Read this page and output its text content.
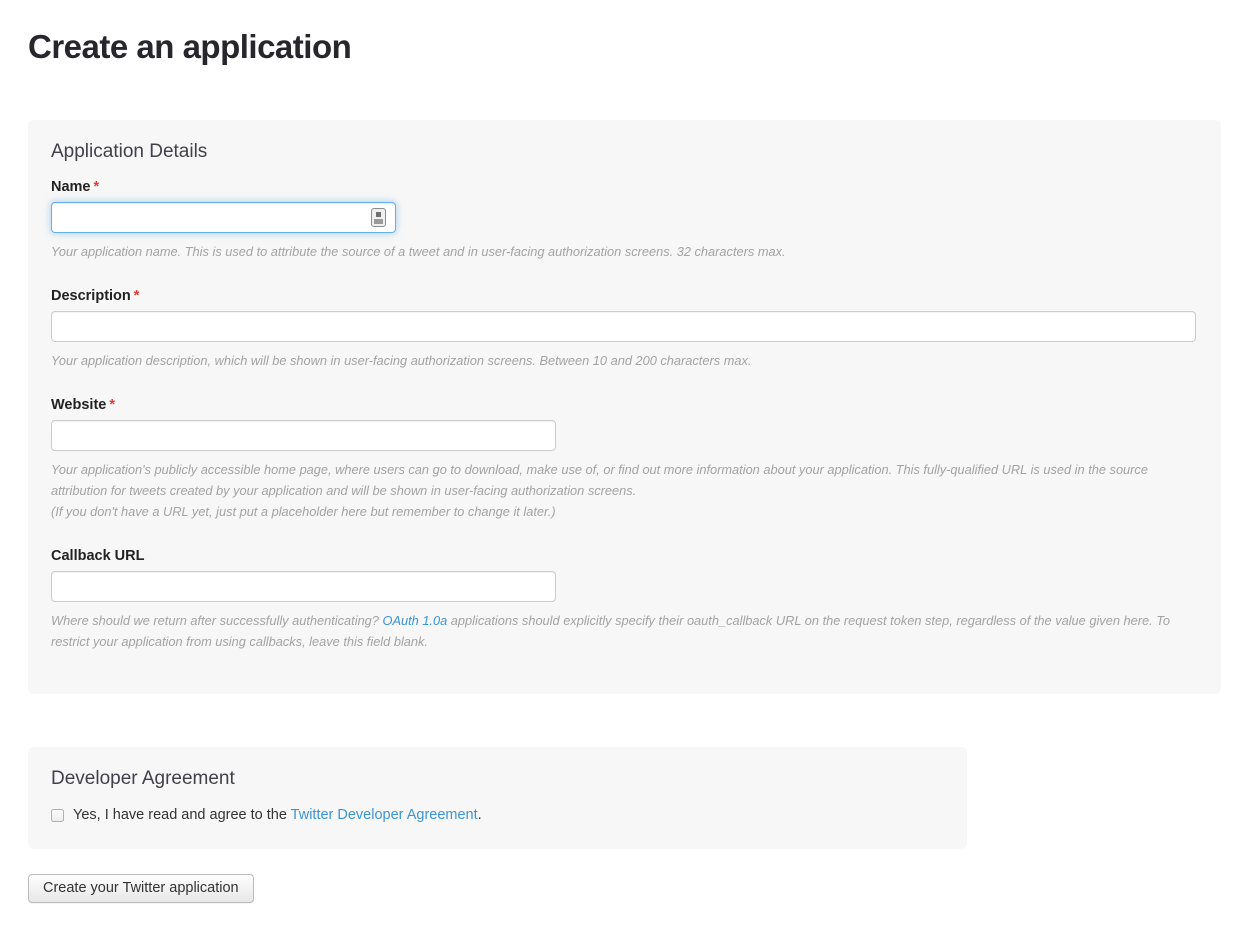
Create an application
Application Details
Name *

Your application name. This is used to attribute the source of a tweet and in user-facing authorization screens. 32 characters max.

Description *

Your application description, which will be shown in user-facing authorization screens. Between 10 and 200 characters max.

Website *

Your application's publicly accessible home page, where users can go to download, make use of, or find out more information about your application. This fully-qualified URL is used in the source attribution for tweets created by your application and will be shown in user-facing authorization screens.

(If you don't have a URL yet, just put a placeholder here but remember to change it later.)

Callback URL

Where should we return after successfully authenticating? OAuth 1.0a applications should explicitly specify their oauth_callback URL on the request token step, regardless of the value given here. To restrict your application from using callbacks, leave this field blank.

Developer Agreement
Yes, I have read and agree to the Twitter Developer Agreement.
Create your Twitter application
